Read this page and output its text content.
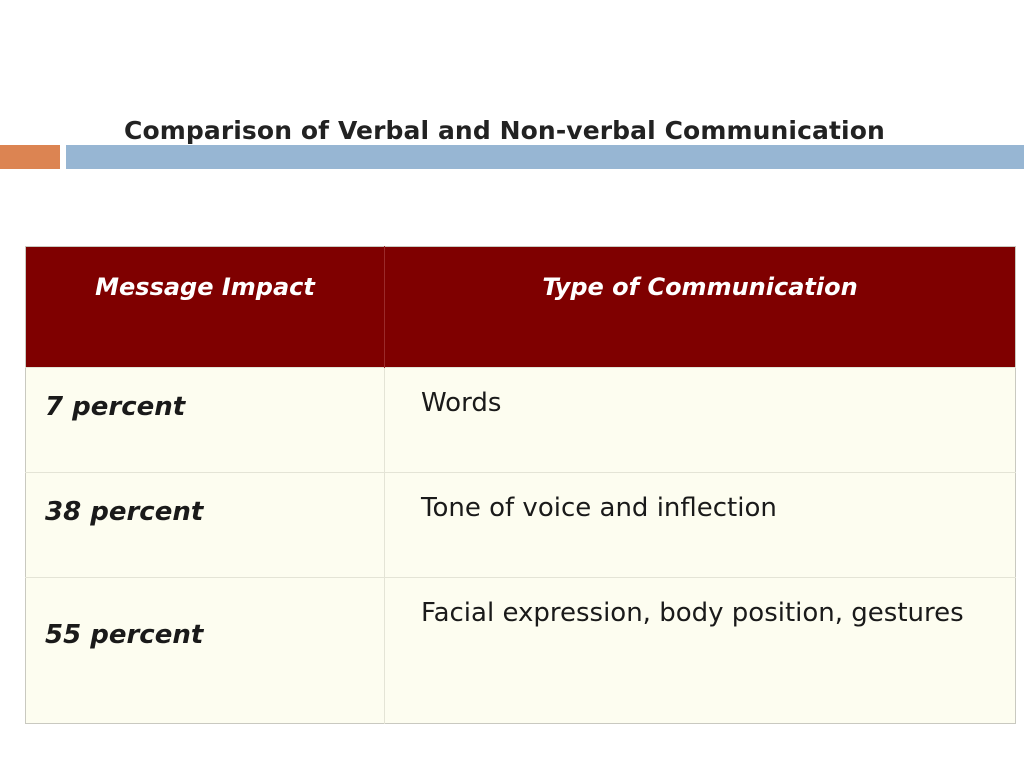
Comparison of Verbal and Non-verbal Communication
Message Impact	Type of Communication
7 percent	Words
38 percent	Tone of voice and inflection
55 percent	Facial expression, body position, gestures
